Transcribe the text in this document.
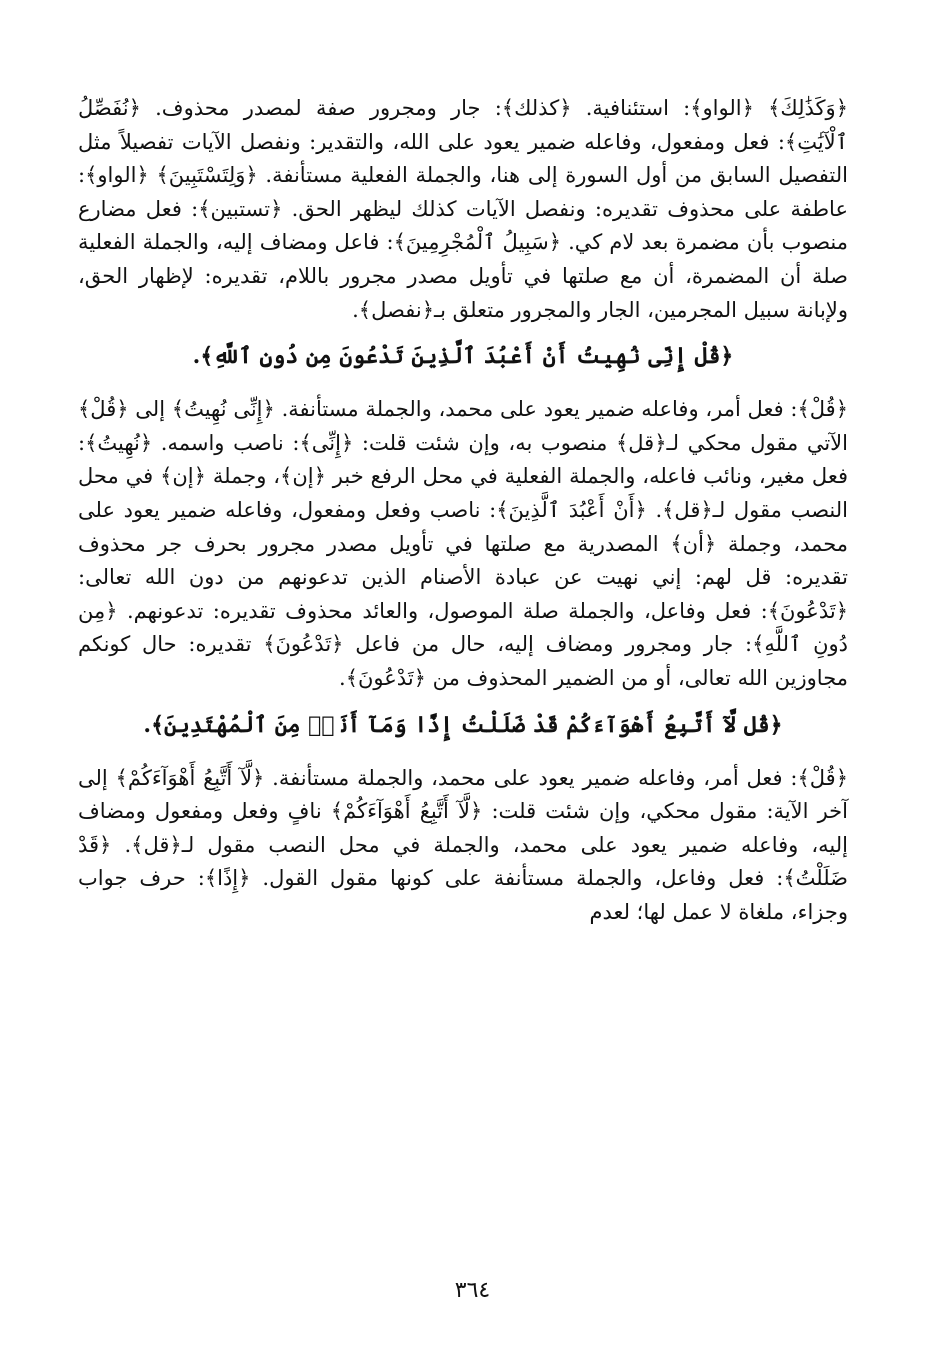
﴿وَكَذَٰلِكَ﴾ ﴿الواو﴾: استئنافية. ﴿كذلك﴾: جار ومجرور صفة لمصدر محذوف. ﴿نُفَصِّلُ ٱلْآيَٰتِ﴾: فعل ومفعول، وفاعله ضمير يعود على الله، والتقدير: ونفصل الآيات تفصيلاً مثل التفصيل السابق من أول السورة إلى هنا، والجملة الفعلية مستأنفة. ﴿وَلِتَسْتَبِينَ﴾ ﴿الواو﴾: عاطفة على محذوف تقديره: ونفصل الآيات كذلك ليظهر الحق. ﴿تستبين﴾: فعل مضارع منصوب بأن مضمرة بعد لام كي. ﴿سَبِيلُ ٱلْمُجْرِمِينَ﴾: فاعل ومضاف إليه، والجملة الفعلية صلة أن المضمرة، أن مع صلتها في تأويل مصدر مجرور باللام، تقديره: لإظهار الحق، ولإبانة سبيل المجرمين، الجار والمجرور متعلق بـ﴿نفصل﴾.

﴿قُلْ إِنِّى نُهِيتُ أَنْ أَعْبُدَ ٱلَّذِينَ تَدْعُونَ مِن دُونِ ٱللَّهِ﴾.

﴿قُلْ﴾: فعل أمر، وفاعله ضمير يعود على محمد، والجملة مستأنفة. ﴿إِنِّى نُهِيتُ﴾ إلى ﴿قُلْ﴾ الآتي مقول محكي لـ﴿قل﴾ منصوب به، وإن شئت قلت: ﴿إِنِّى﴾: ناصب واسمه. ﴿نُهِيتُ﴾: فعل مغير، ونائب فاعله، والجملة الفعلية في محل الرفع خبر ﴿إن﴾، وجملة ﴿إن﴾ في محل النصب مقول لـ﴿قل﴾. ﴿أَنْ أَعْبُدَ ٱلَّذِينَ﴾: ناصب وفعل ومفعول، وفاعله ضمير يعود على محمد، وجملة ﴿أن﴾ المصدرية مع صلتها في تأويل مصدر مجرور بحرف جر محذوف تقديره: قل لهم: إني نهيت عن عبادة الأصنام الذين تدعونهم من دون الله تعالى: ﴿تَدْعُونَ﴾: فعل وفاعل، والجملة صلة الموصول، والعائد محذوف تقديره: تدعونهم. ﴿مِن دُونِ ٱللَّهِ﴾: جار ومجرور ومضاف إليه، حال من فاعل ﴿تَدْعُونَ﴾ تقديره: حال كونكم مجاوزين الله تعالى، أو من الضمير المحذوف من ﴿تَدْعُونَ﴾.

﴿قُل لَّآ أَتَّبِعُ أَهْوَآءَكُمْ قَدْ ضَلَلْتُ إِذًا وَمَآ أَنَا۠ مِنَ ٱلْمُهْتَدِينَ﴾.

﴿قُلْ﴾: فعل أمر، وفاعله ضمير يعود على محمد، والجملة مستأنفة. ﴿لَّآ أَتَّبِعُ أَهْوَآءَكُمْ﴾ إلى آخر الآية: مقول محكي، وإن شئت قلت: ﴿لَّآ أَتَّبِعُ أَهْوَآءَكُمْ﴾ نافٍ وفعل ومفعول ومضاف إليه، وفاعله ضمير يعود على محمد، والجملة في محل النصب مقول لـ﴿قل﴾. ﴿قَدْ ضَلَلْتُ﴾: فعل وفاعل، والجملة مستأنفة على كونها مقول القول. ﴿إِذًا﴾: حرف جواب وجزاء، ملغاة لا عمل لها؛ لعدم

٣٦٤
